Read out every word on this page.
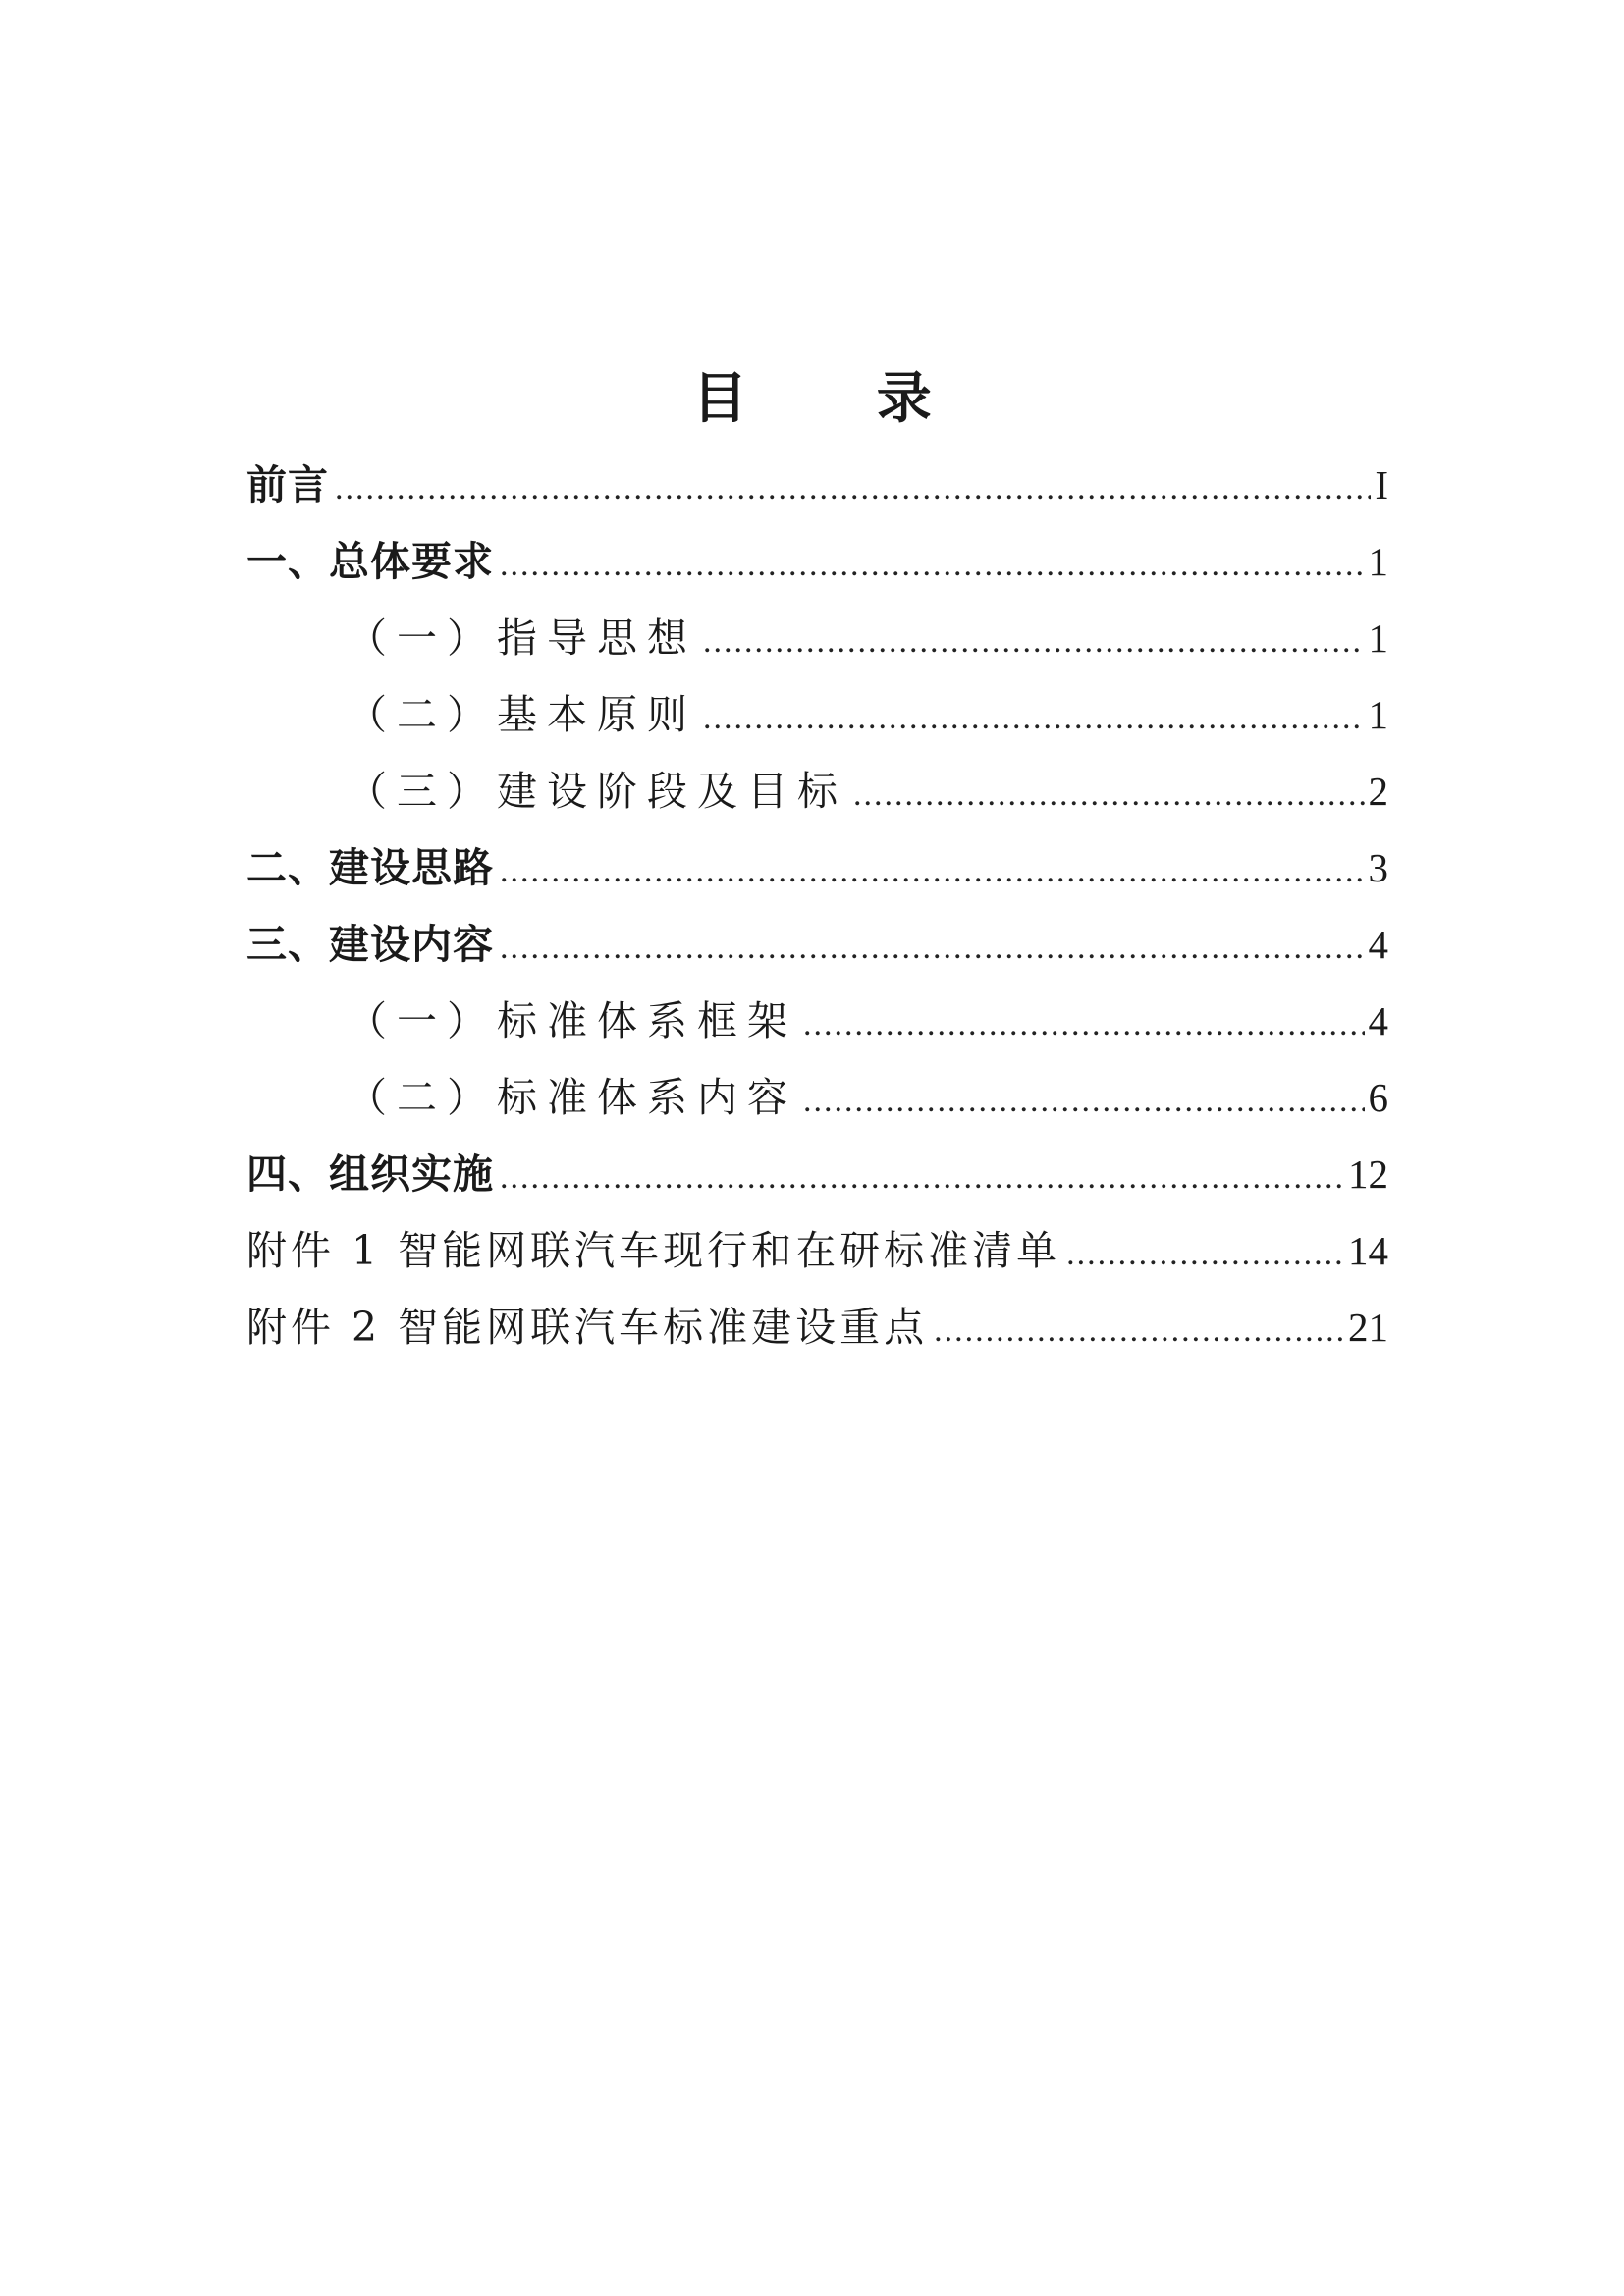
目 录
前言 .....	I
一、总体要求 .....	1
（一）指导思想 .....	1
（二）基本原则 .....	1
（三）建设阶段及目标 .....	2
二、建设思路 .....	3
三、建设内容 .....	4
（一）标准体系框架 .....	4
（二）标准体系内容 .....	6
四、组织实施 .....	12
附件 1 智能网联汽车现行和在研标准清单 .....	14
附件 2 智能网联汽车标准建设重点 .....	21
